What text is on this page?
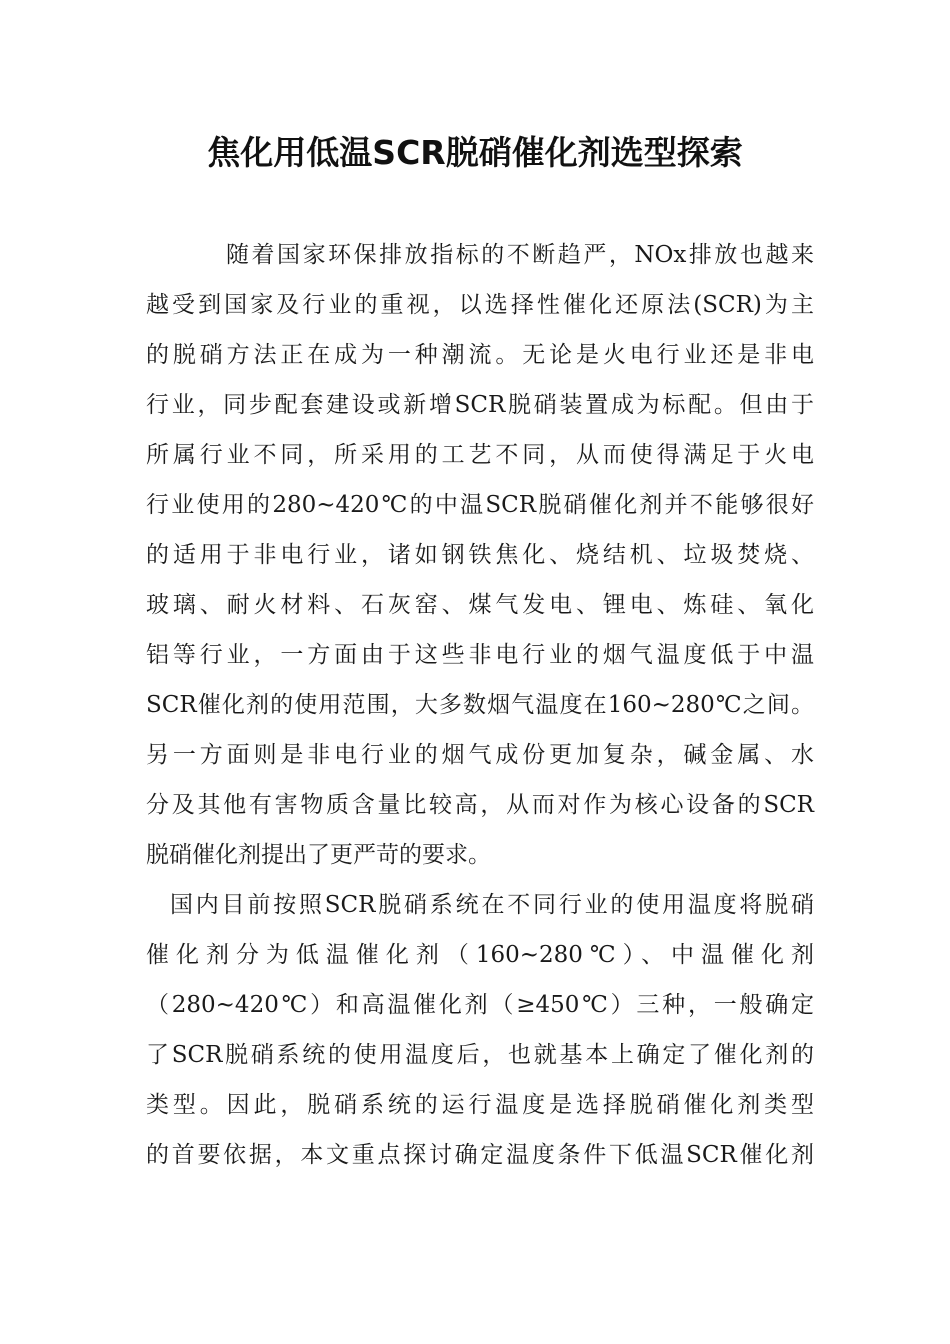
焦化用低温SCR脱硝催化剂选型探索
随着国家环保排放指标的不断趋严，NOx排放也越来
越受到国家及行业的重视，以选择性催化还原法(SCR)为主
的脱硝方法正在成为一种潮流。无论是火电行业还是非电
行业，同步配套建设或新增SCR脱硝装置成为标配。但由于
所属行业不同，所采用的工艺不同，从而使得满足于火电
行业使用的280~420℃的中温SCR脱硝催化剂并不能够很好
的适用于非电行业，诸如钢铁焦化、烧结机、垃圾焚烧、
玻璃、耐火材料、石灰窑、煤气发电、锂电、炼硅、氧化
铝等行业，一方面由于这些非电行业的烟气温度低于中温
SCR催化剂的使用范围，大多数烟气温度在160~280℃之间。
另一方面则是非电行业的烟气成份更加复杂，碱金属、水
分及其他有害物质含量比较高，从而对作为核心设备的SCR
脱硝催化剂提出了更严苛的要求。
国内目前按照SCR脱硝系统在不同行业的使用温度将脱硝
催化剂分为低温催化剂（160~280℃）、中温催化剂
（280~420℃）和高温催化剂（≥450℃）三种，一般确定
了SCR脱硝系统的使用温度后，也就基本上确定了催化剂的
类型。因此，脱硝系统的运行温度是选择脱硝催化剂类型
的首要依据，本文重点探讨确定温度条件下低温SCR催化剂
